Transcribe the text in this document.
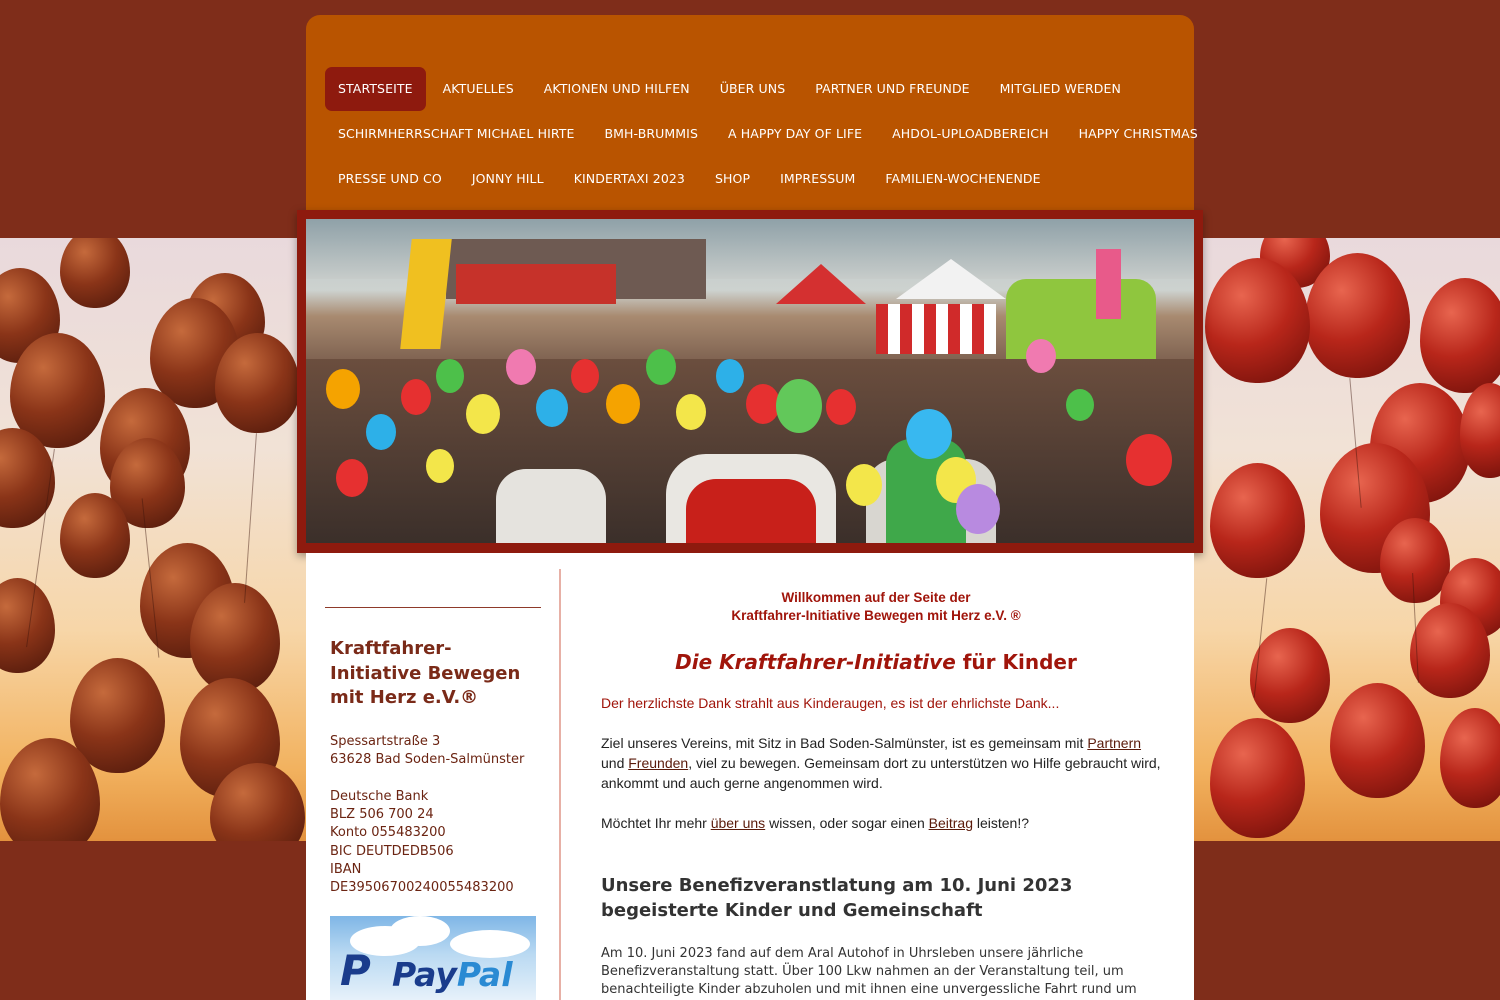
STARTSEITE	AKTUELLES	AKTIONEN UND HILFEN	ÜBER UNS	PARTNER UND FREUNDE	MITGLIED WERDEN
SCHIRMHERRSCHAFT MICHAEL HIRTE	BMH-BRUMMIS	A HAPPY DAY OF LIFE	AHDOL-UPLOADBEREICH	HAPPY CHRISTMAS
PRESSE UND CO	JONNY HILL	KINDERTAXI 2023	SHOP	IMPRESSUM	FAMILIEN-WOCHENENDE
Kraftfahrer-Initiative Bewegen mit Herz e.V.®
Spessartstraße 3
63628 Bad Soden-Salmünster
Deutsche Bank
BLZ 506 700 24
Konto 055483200
BIC DEUTDEDB506
IBAN
DE39506700240055483200
P PayPal
Willkommen auf der Seite der
Kraftfahrer-Initiative Bewegen mit Herz e.V. ®
Die Kraftfahrer-Initiative für Kinder
Der herzlichste Dank strahlt aus Kinderaugen, es ist der ehrlichste Dank...
Ziel unseres Vereins, mit Sitz in Bad Soden-Salmünster, ist es gemeinsam mit Partnern und Freunden, viel zu bewegen. Gemeinsam dort zu unterstützen wo Hilfe gebraucht wird, ankommt und auch gerne angenommen wird.
Möchtet Ihr mehr über uns wissen, oder sogar einen Beitrag leisten!?
Unsere Benefizveranstlatung am 10. Juni 2023 begeisterte Kinder und Gemeinschaft
Am 10. Juni 2023 fand auf dem Aral Autohof in Uhrsleben unsere jährliche Benefizveranstaltung statt. Über 100 Lkw nahmen an der Veranstaltung teil, um benachteiligte Kinder abzuholen und mit ihnen eine unvergessliche Fahrt rund um
